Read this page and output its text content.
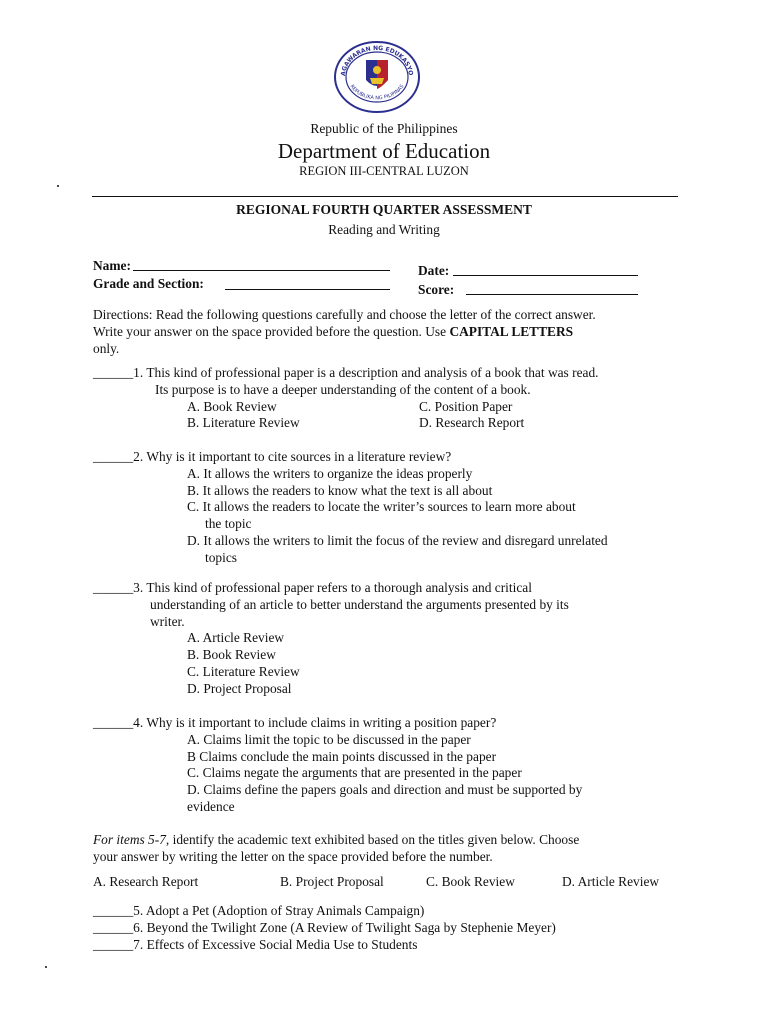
AGAWARAN NG EDUKASYO
REPUBLIKA NG PILIPINAS
Republic of the Philippines
Department of Education
REGION III-CENTRAL LUZON
REGIONAL FOURTH QUARTER ASSESSMENT
Reading and Writing
Name:
Grade and Section:
Date:
Score:
Directions: Read the following questions carefully and choose the letter of the correct answer.
Write your answer on the space provided before the question. Use CAPITAL LETTERS
only.
______1. This kind of professional paper is a description and analysis of a book that was read.
Its purpose is to have a deeper understanding of the content of a book.
A. Book Review
B. Literature Review
C. Position Paper
D. Research Report
______2. Why is it important to cite sources in a literature review?
A. It allows the writers to organize the ideas properly
B. It allows the readers to know what the text is all about
C. It allows the readers to locate the writer’s sources to learn more about
the topic
D. It allows the writers to limit the focus of the review and disregard unrelated
topics
______3. This kind of professional paper refers to a thorough analysis and critical
understanding of an article to better understand the arguments presented by its
writer.
A. Article Review
B. Book Review
C. Literature Review
D. Project Proposal
______4. Why is it important to include claims in writing a position paper?
A. Claims limit the topic to be discussed in the paper
B Claims conclude the main points discussed in the paper
C. Claims negate the arguments that are presented in the paper
D. Claims define the papers goals and direction and must be supported by
evidence
For items 5-7, identify the academic text exhibited based on the titles given below. Choose
your answer by writing the letter on the space provided before the number.
A. Research Report	B. Project Proposal	C. Book Review	D. Article Review
______5. Adopt a Pet (Adoption of Stray Animals Campaign)
______6. Beyond the Twilight Zone (A Review of Twilight Saga by Stephenie Meyer)
______7. Effects of Excessive Social Media Use to Students
